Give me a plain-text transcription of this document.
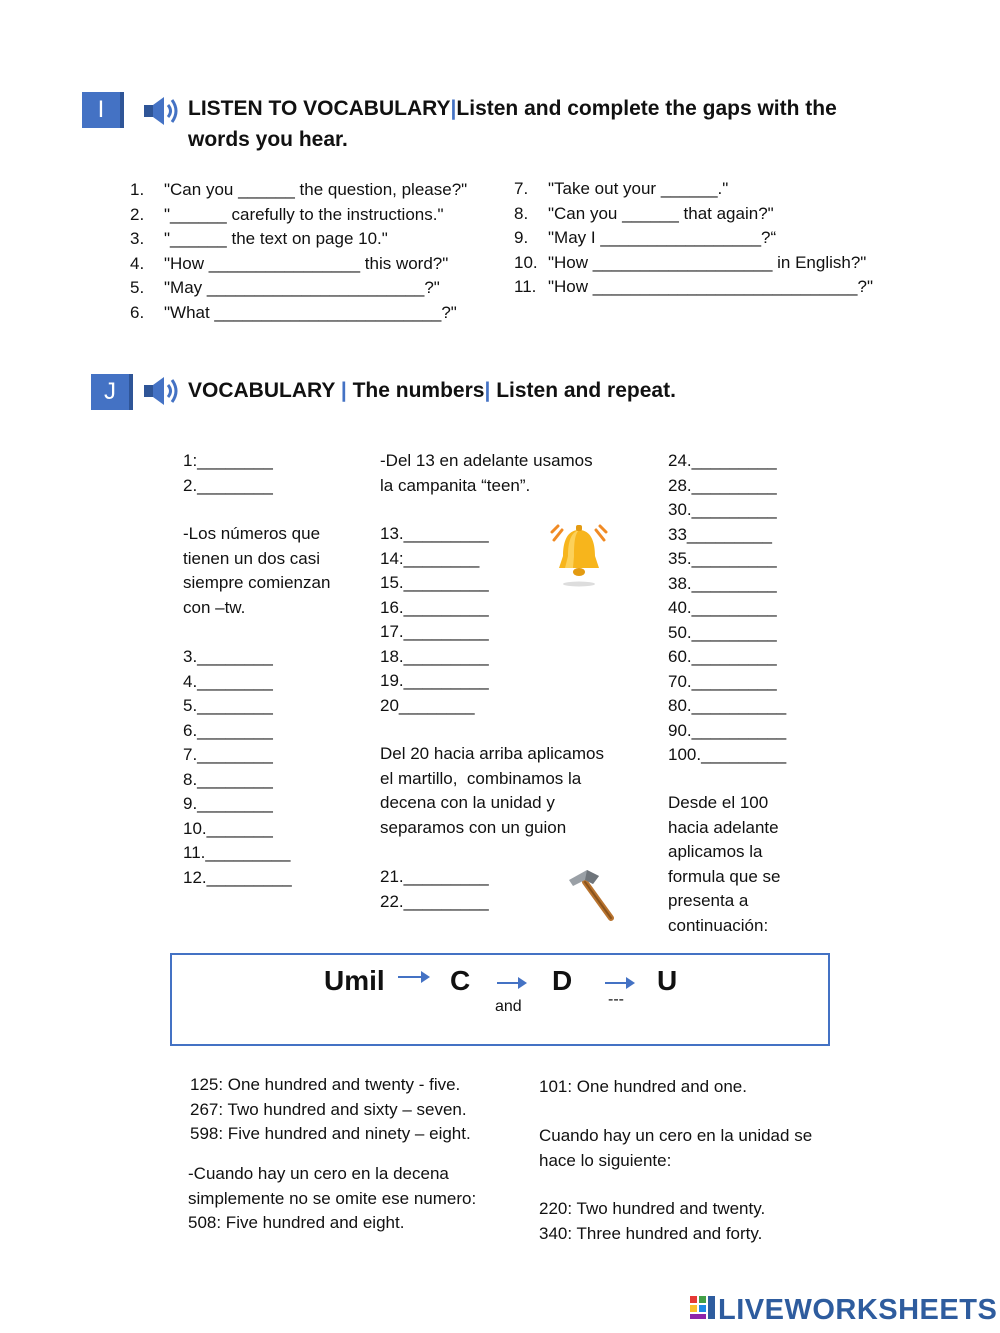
I	LISTEN TO VOCABULARY|Listen and complete the gaps with the
words you hear.
1.	"Can you ______ the question, please?"
2.	"______ carefully to the instructions."
3.	"______ the text on page 10."
4.	"How ________________ this word?"
5.	"May _______________________?"
6.	"What ________________________?"
7.	"Take out your ______."
8.	"Can you ______ that again?"
9.	"May I _________________?“
10. "How ___________________ in English?"
11. "How ____________________________?"
J	VOCABULARY | The numbers| Listen and repeat.
1:________
2.________
-Los números que
tienen un dos casi
siempre comienzan
con –tw.
3.________
4.________
5.________
6.________
7.________
8.________
9.________
10._______
11._________
12._________
-Del 13 en adelante usamos
la campanita “teen”.
13._________
14:________
15._________
16._________
17._________
18._________
19._________
20________
Del 20 hacia arriba aplicamos
el martillo,  combinamos la
decena con la unidad y
separamos con un guion
21._________
22._________
24._________
28._________
30._________
33_________
35._________
38._________
40._________
50._________
60._________
70._________
80.__________
90.__________
100._________
Desde el 100
hacia adelante
aplicamos la
formula que se
presenta a
continuación:
Umil C
and
D
---
U
125: One hundred and twenty - five.
267: Two hundred and sixty – seven.
598: Five hundred and ninety – eight.
-Cuando hay un cero en la decena
simplemente no se omite ese numero:
508: Five hundred and eight.
101: One hundred and one.
Cuando hay un cero en la unidad se
hace lo siguiente:
220: Two hundred and twenty.
340: Three hundred and forty.
LIVEWORKSHEETS
